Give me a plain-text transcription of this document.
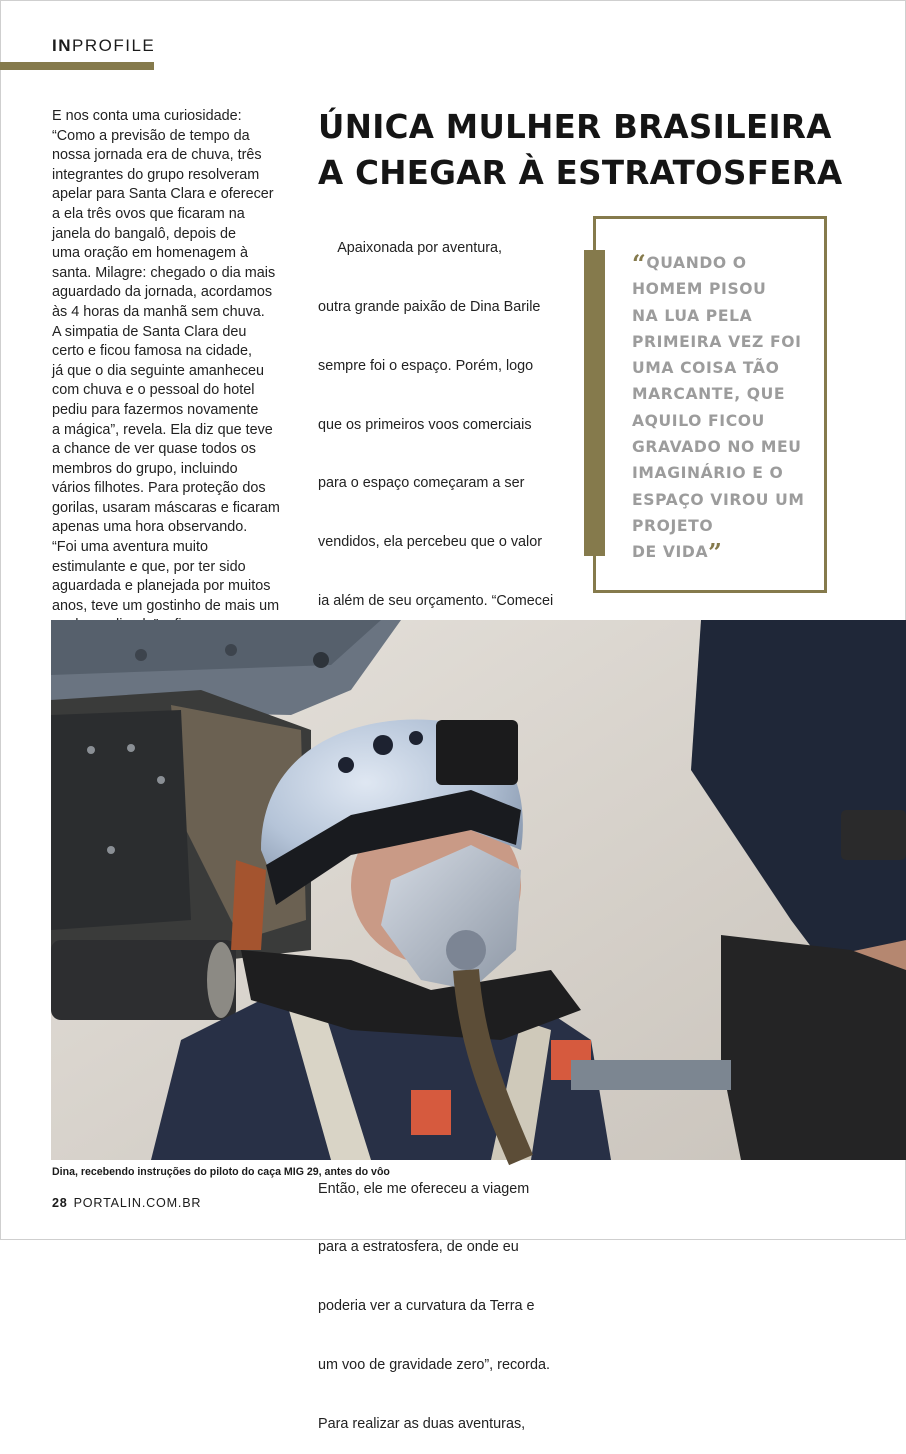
INPROFILE

E nos conta uma curiosidade:

“Como a previsão de tempo da

nossa jornada era de chuva, três

integrantes do grupo resolveram

apelar para Santa Clara e oferecer

a ela três ovos que ficaram na

janela do bangalô, depois de

uma oração em homenagem à

santa. Milagre: chegado o dia mais

aguardado da jornada, acordamos

às 4 horas da manhã sem chuva.

A simpatia de Santa Clara deu

certo e ficou famosa na cidade,

já que o dia seguinte amanheceu

com chuva e o pessoal do hotel

pediu para fazermos novamente

a mágica”, revela. Ela diz que teve

a chance de ver quase todos os

membros do grupo, incluindo

vários filhotes. Para proteção dos

gorilas, usaram máscaras e ficaram

apenas uma hora observando.

“Foi uma aventura muito

estimulante e que, por ter sido

aguardada e planejada por muitos

anos, teve um gostinho de mais um

ÚNICA MULHER BRASILEIRA
A CHEGAR À ESTRATOSFERA

Apaixonada por aventura,

outra grande paixão de Dina Barile

sempre foi o espaço. Porém, logo

que os primeiros voos comerciais

para o espaço começaram a ser

vendidos, ela percebeu que o valor

ia além de seu orçamento. “Comecei

Então, ele me ofereceu a viagem

para a estratosfera, de onde eu

poderia ver a curvatura da Terra e

um voo de gravidade zero”, recorda.

Para realizar as duas aventuras,

“QUANDO O
HOMEM PISOU
NA LUA PELA
PRIMEIRA VEZ FOI
UMA COISA TÃO
MARCANTE, QUE
AQUILO FICOU
GRAVADO NO MEU
IMAGINÁRIO E O
ESPAÇO VIROU UM
PROJETO
DE VIDA”
Dina, recebendo instruções do piloto do caça MIG 29, antes do vôo
28 PORTALIN.COM.BR
